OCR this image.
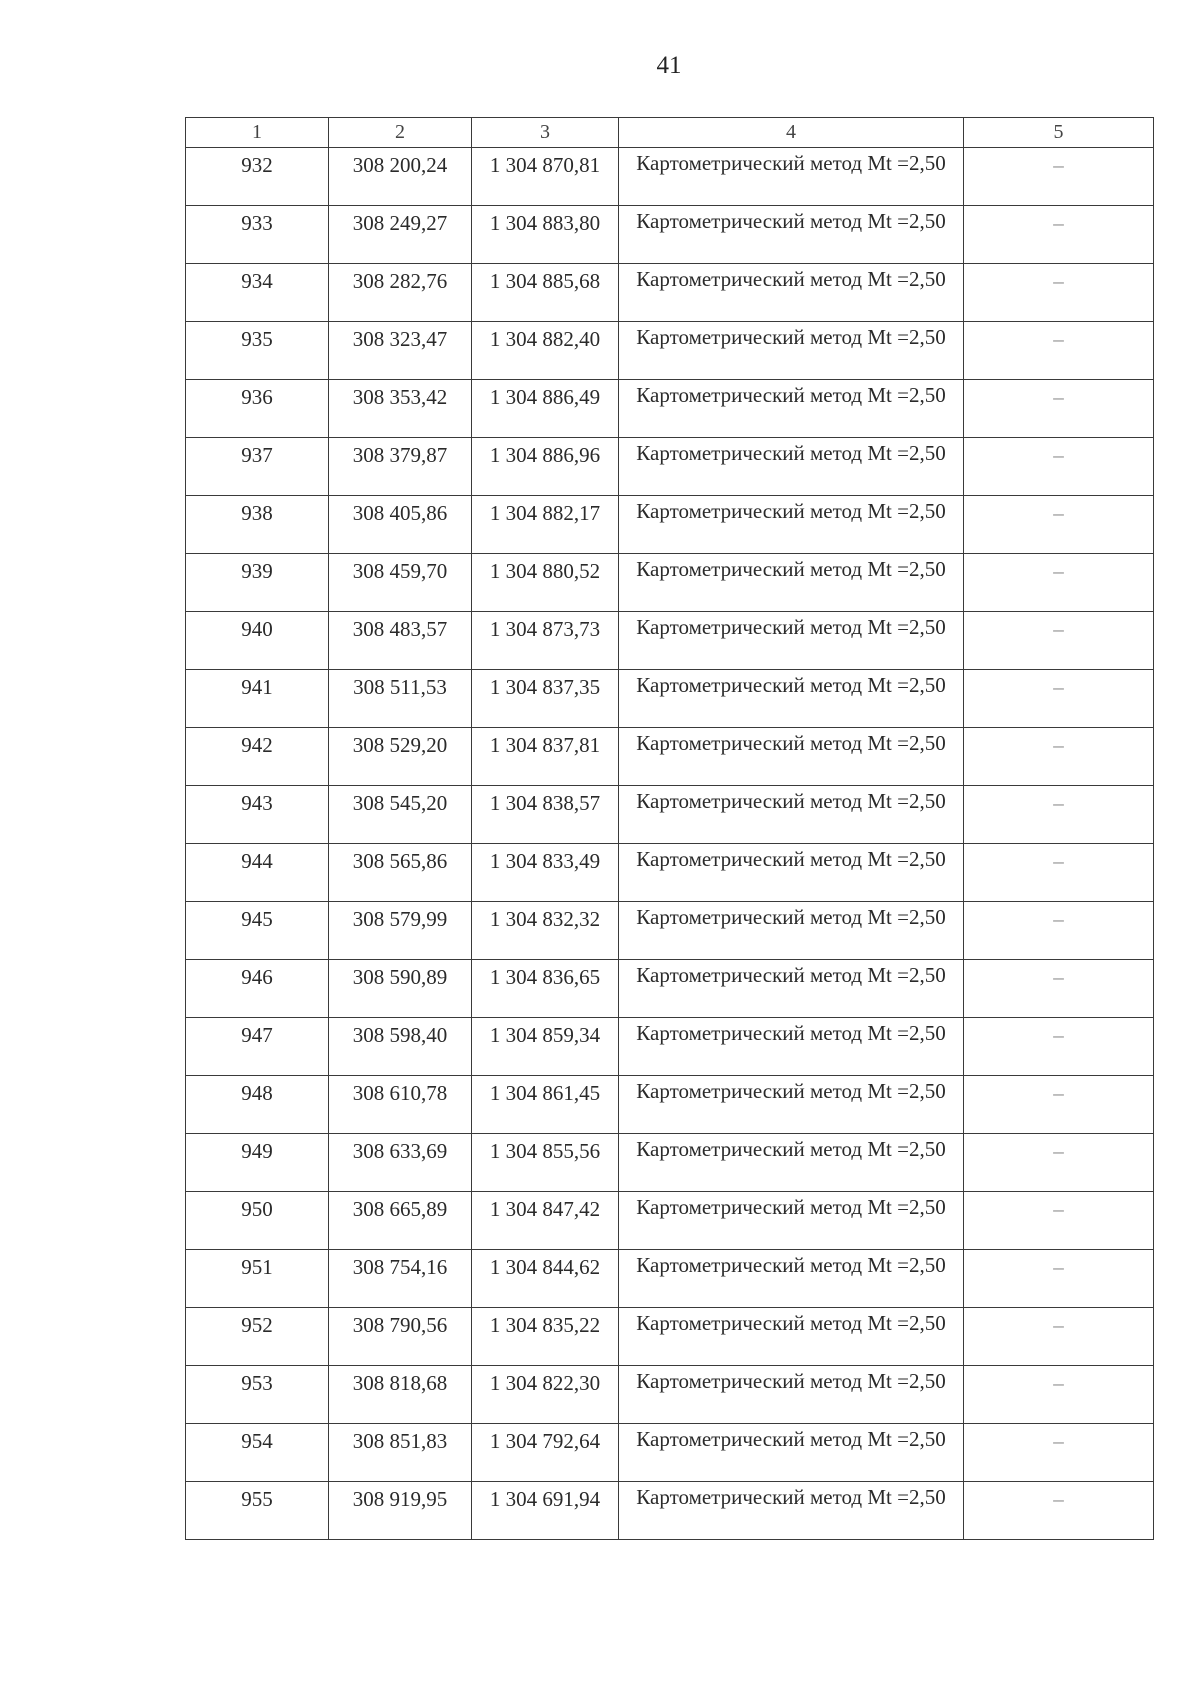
41
1	2	3	4	5
932	308 200,24	1 304 870,81	Картометрический метод Mt =2,50	–
933	308 249,27	1 304 883,80	Картометрический метод Mt =2,50	–
934	308 282,76	1 304 885,68	Картометрический метод Mt =2,50	–
935	308 323,47	1 304 882,40	Картометрический метод Mt =2,50	–
936	308 353,42	1 304 886,49	Картометрический метод Mt =2,50	–
937	308 379,87	1 304 886,96	Картометрический метод Mt =2,50	–
938	308 405,86	1 304 882,17	Картометрический метод Mt =2,50	–
939	308 459,70	1 304 880,52	Картометрический метод Mt =2,50	–
940	308 483,57	1 304 873,73	Картометрический метод Mt =2,50	–
941	308 511,53	1 304 837,35	Картометрический метод Mt =2,50	–
942	308 529,20	1 304 837,81	Картометрический метод Mt =2,50	–
943	308 545,20	1 304 838,57	Картометрический метод Mt =2,50	–
944	308 565,86	1 304 833,49	Картометрический метод Mt =2,50	–
945	308 579,99	1 304 832,32	Картометрический метод Mt =2,50	–
946	308 590,89	1 304 836,65	Картометрический метод Mt =2,50	–
947	308 598,40	1 304 859,34	Картометрический метод Mt =2,50	–
948	308 610,78	1 304 861,45	Картометрический метод Mt =2,50	–
949	308 633,69	1 304 855,56	Картометрический метод Mt =2,50	–
950	308 665,89	1 304 847,42	Картометрический метод Mt =2,50	–
951	308 754,16	1 304 844,62	Картометрический метод Mt =2,50	–
952	308 790,56	1 304 835,22	Картометрический метод Mt =2,50	–
953	308 818,68	1 304 822,30	Картометрический метод Mt =2,50	–
954	308 851,83	1 304 792,64	Картометрический метод Mt =2,50	–
955	308 919,95	1 304 691,94	Картометрический метод Mt =2,50	–
